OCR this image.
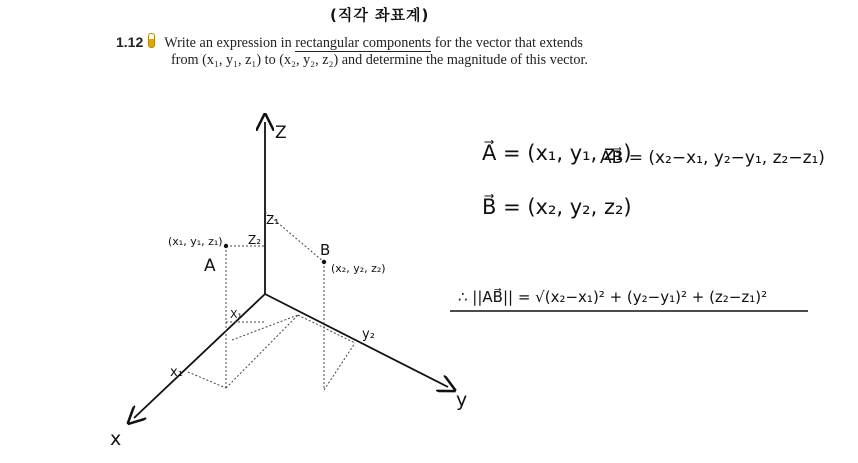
(직각 좌표계)
1.12 Write an expression in rectangular components for the vector that extends
from (x₁, y₁, z₁) to (x₂, y₂, z₂) and determine the magnitude of this vector.
Z
y
x
(x₁, y₁, z₁)
A
B
(x₂, y₂, z₂)
Z₁
Z₂
X₁
y₂
x₁
A⃗ = (x₁, y₁, z₁)
AB⃗ = (x₂−x₁, y₂−y₁, z₂−z₁)
B⃗ = (x₂, y₂, z₂)
∴ ||AB⃗|| = √(x₂−x₁)² + (y₂−y₁)² + (z₂−z₁)²
